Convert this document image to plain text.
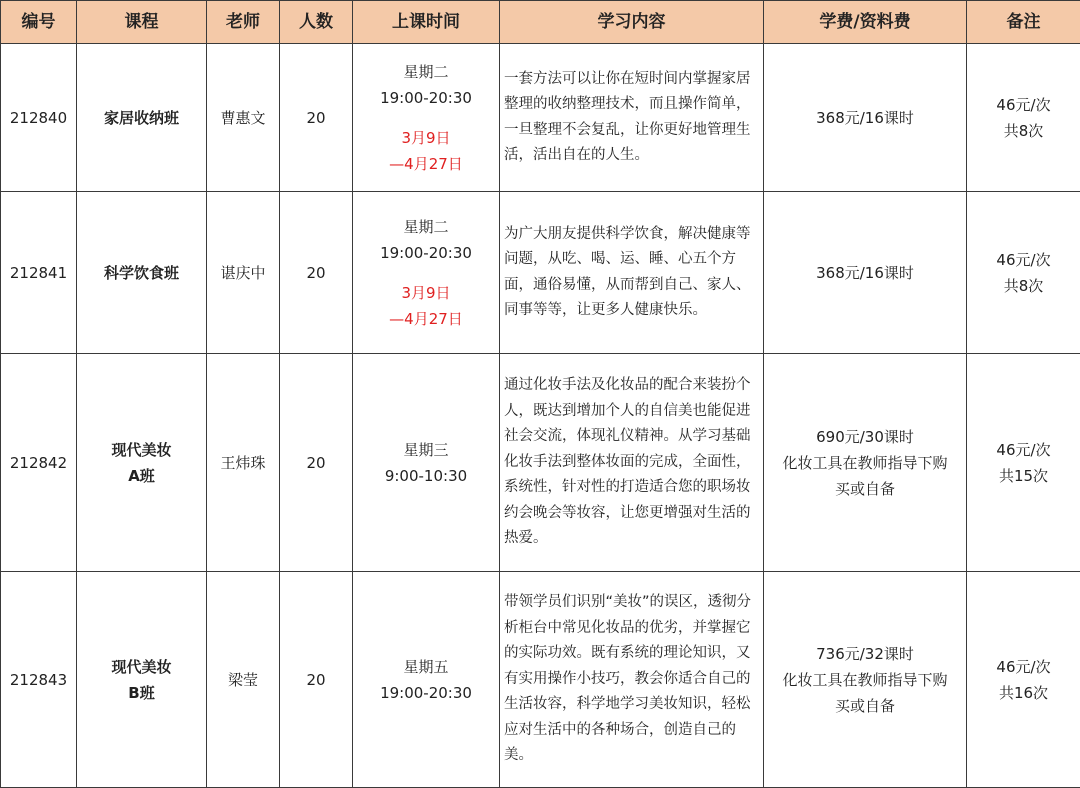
编号	课程	老师	人数	上课时间	学习内容	学费/资料费	备注
212840	家居收纳班	曹惠文	20	星期二
19:00-20:30
3月9日
—4月27日	一套方法可以让你在短时间内掌握家居整理的收纳整理技术，而且操作简单，一旦整理不会复乱，让你更好地管理生活，活出自在的人生。	368元/16课时	46元/次
共8次

212841	科学饮食班	谌庆中	20	星期二
19:00-20:30
3月9日
—4月27日	为广大朋友提供科学饮食，解决健康等问题，从吃、喝、运、睡、心五个方面，通俗易懂，从而帮到自己、家人、同事等等，让更多人健康快乐。	368元/16课时	46元/次
共8次

212842	现代美妆
A班	王炜珠	20	星期三
9:00-10:30	通过化妆手法及化妆品的配合来装扮个人，既达到增加个人的自信美也能促进社会交流，体现礼仪精神。从学习基础化妆手法到整体妆面的完成，全面性，系统性，针对性的打造适合您的职场妆约会晚会等妆容，让您更增强对生活的热爱。	690元/30课时
化妆工具在教师指导下购
买或自备	46元/次
共15次

212843	现代美妆
B班	梁莹	20	星期五
19:00-20:30	带领学员们识别“美妆”的误区，透彻分析柜台中常见化妆品的优劣，并掌握它的实际功效。既有系统的理论知识，又有实用操作小技巧，教会你适合自己的生活妆容，科学地学习美妆知识，轻松应对生活中的各种场合，创造自己的美。	736元/32课时
化妆工具在教师指导下购
买或自备	46元/次
共16次
